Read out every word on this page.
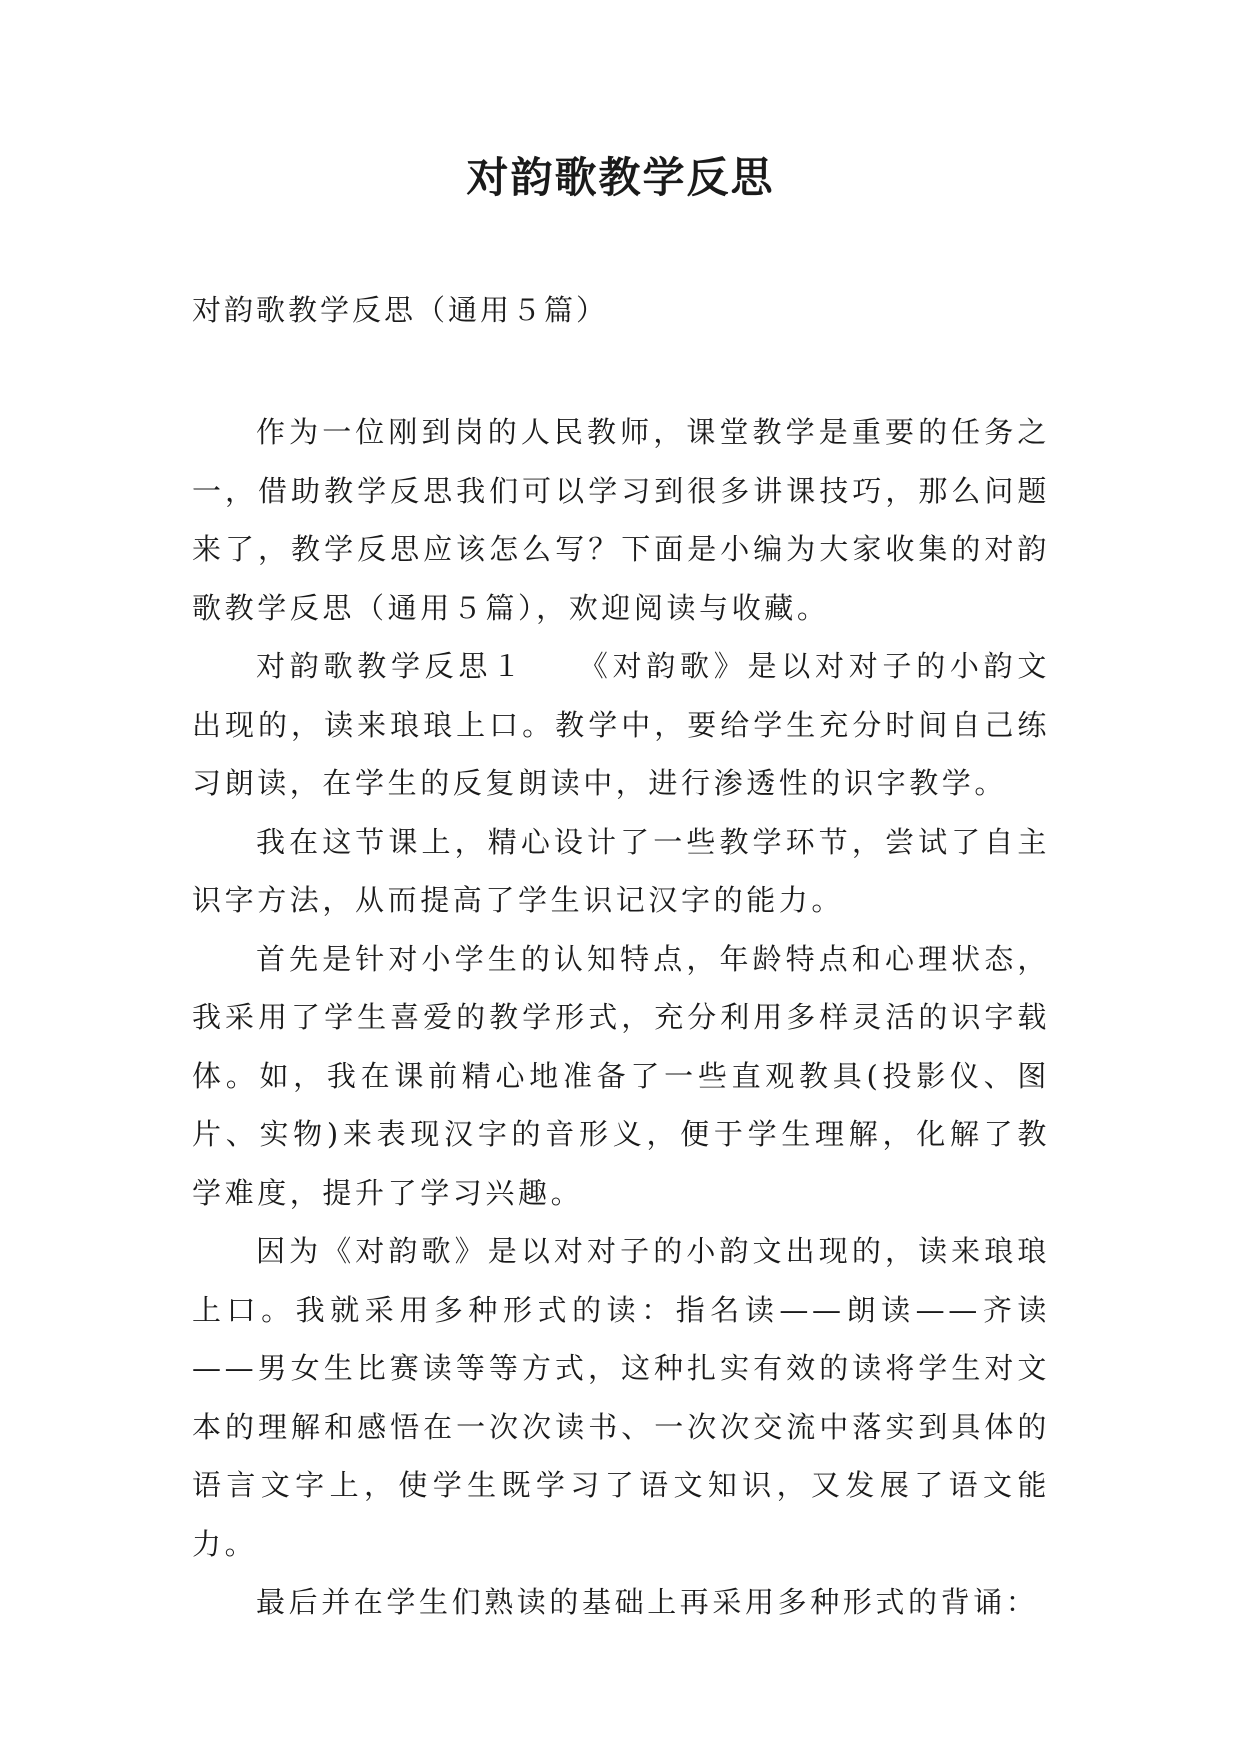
对韵歌教学反思

对韵歌教学反思（通用５篇）

作为一位刚到岗的人民教师，课堂教学是重要的任务之一，借助教学反思我们可以学习到很多讲课技巧，那么问题来了，教学反思应该怎么写？下面是小编为大家收集的对韵歌教学反思（通用５篇），欢迎阅读与收藏。

对韵歌教学反思１　　《对韵歌》是以对对子的小韵文出现的，读来琅琅上口。教学中，要给学生充分时间自己练习朗读，在学生的反复朗读中，进行渗透性的识字教学。

我在这节课上，精心设计了一些教学环节，尝试了自主识字方法，从而提高了学生识记汉字的能力。

首先是针对小学生的认知特点，年龄特点和心理状态，我采用了学生喜爱的教学形式，充分利用多样灵活的识字载体。如，我在课前精心地准备了一些直观教具(投影仪、图片、实物)来表现汉字的音形义，便于学生理解，化解了教学难度，提升了学习兴趣。

因为《对韵歌》是以对对子的小韵文出现的，读来琅琅上口。我就采用多种形式的读：指名读——朗读——齐读——男女生比赛读等等方式，这种扎实有效的读将学生对文本的理解和感悟在一次次读书、一次次交流中落实到具体的语言文字上，使学生既学习了语文知识，又发展了语文能力。

最后并在学生们熟读的基础上再采用多种形式的背诵：
